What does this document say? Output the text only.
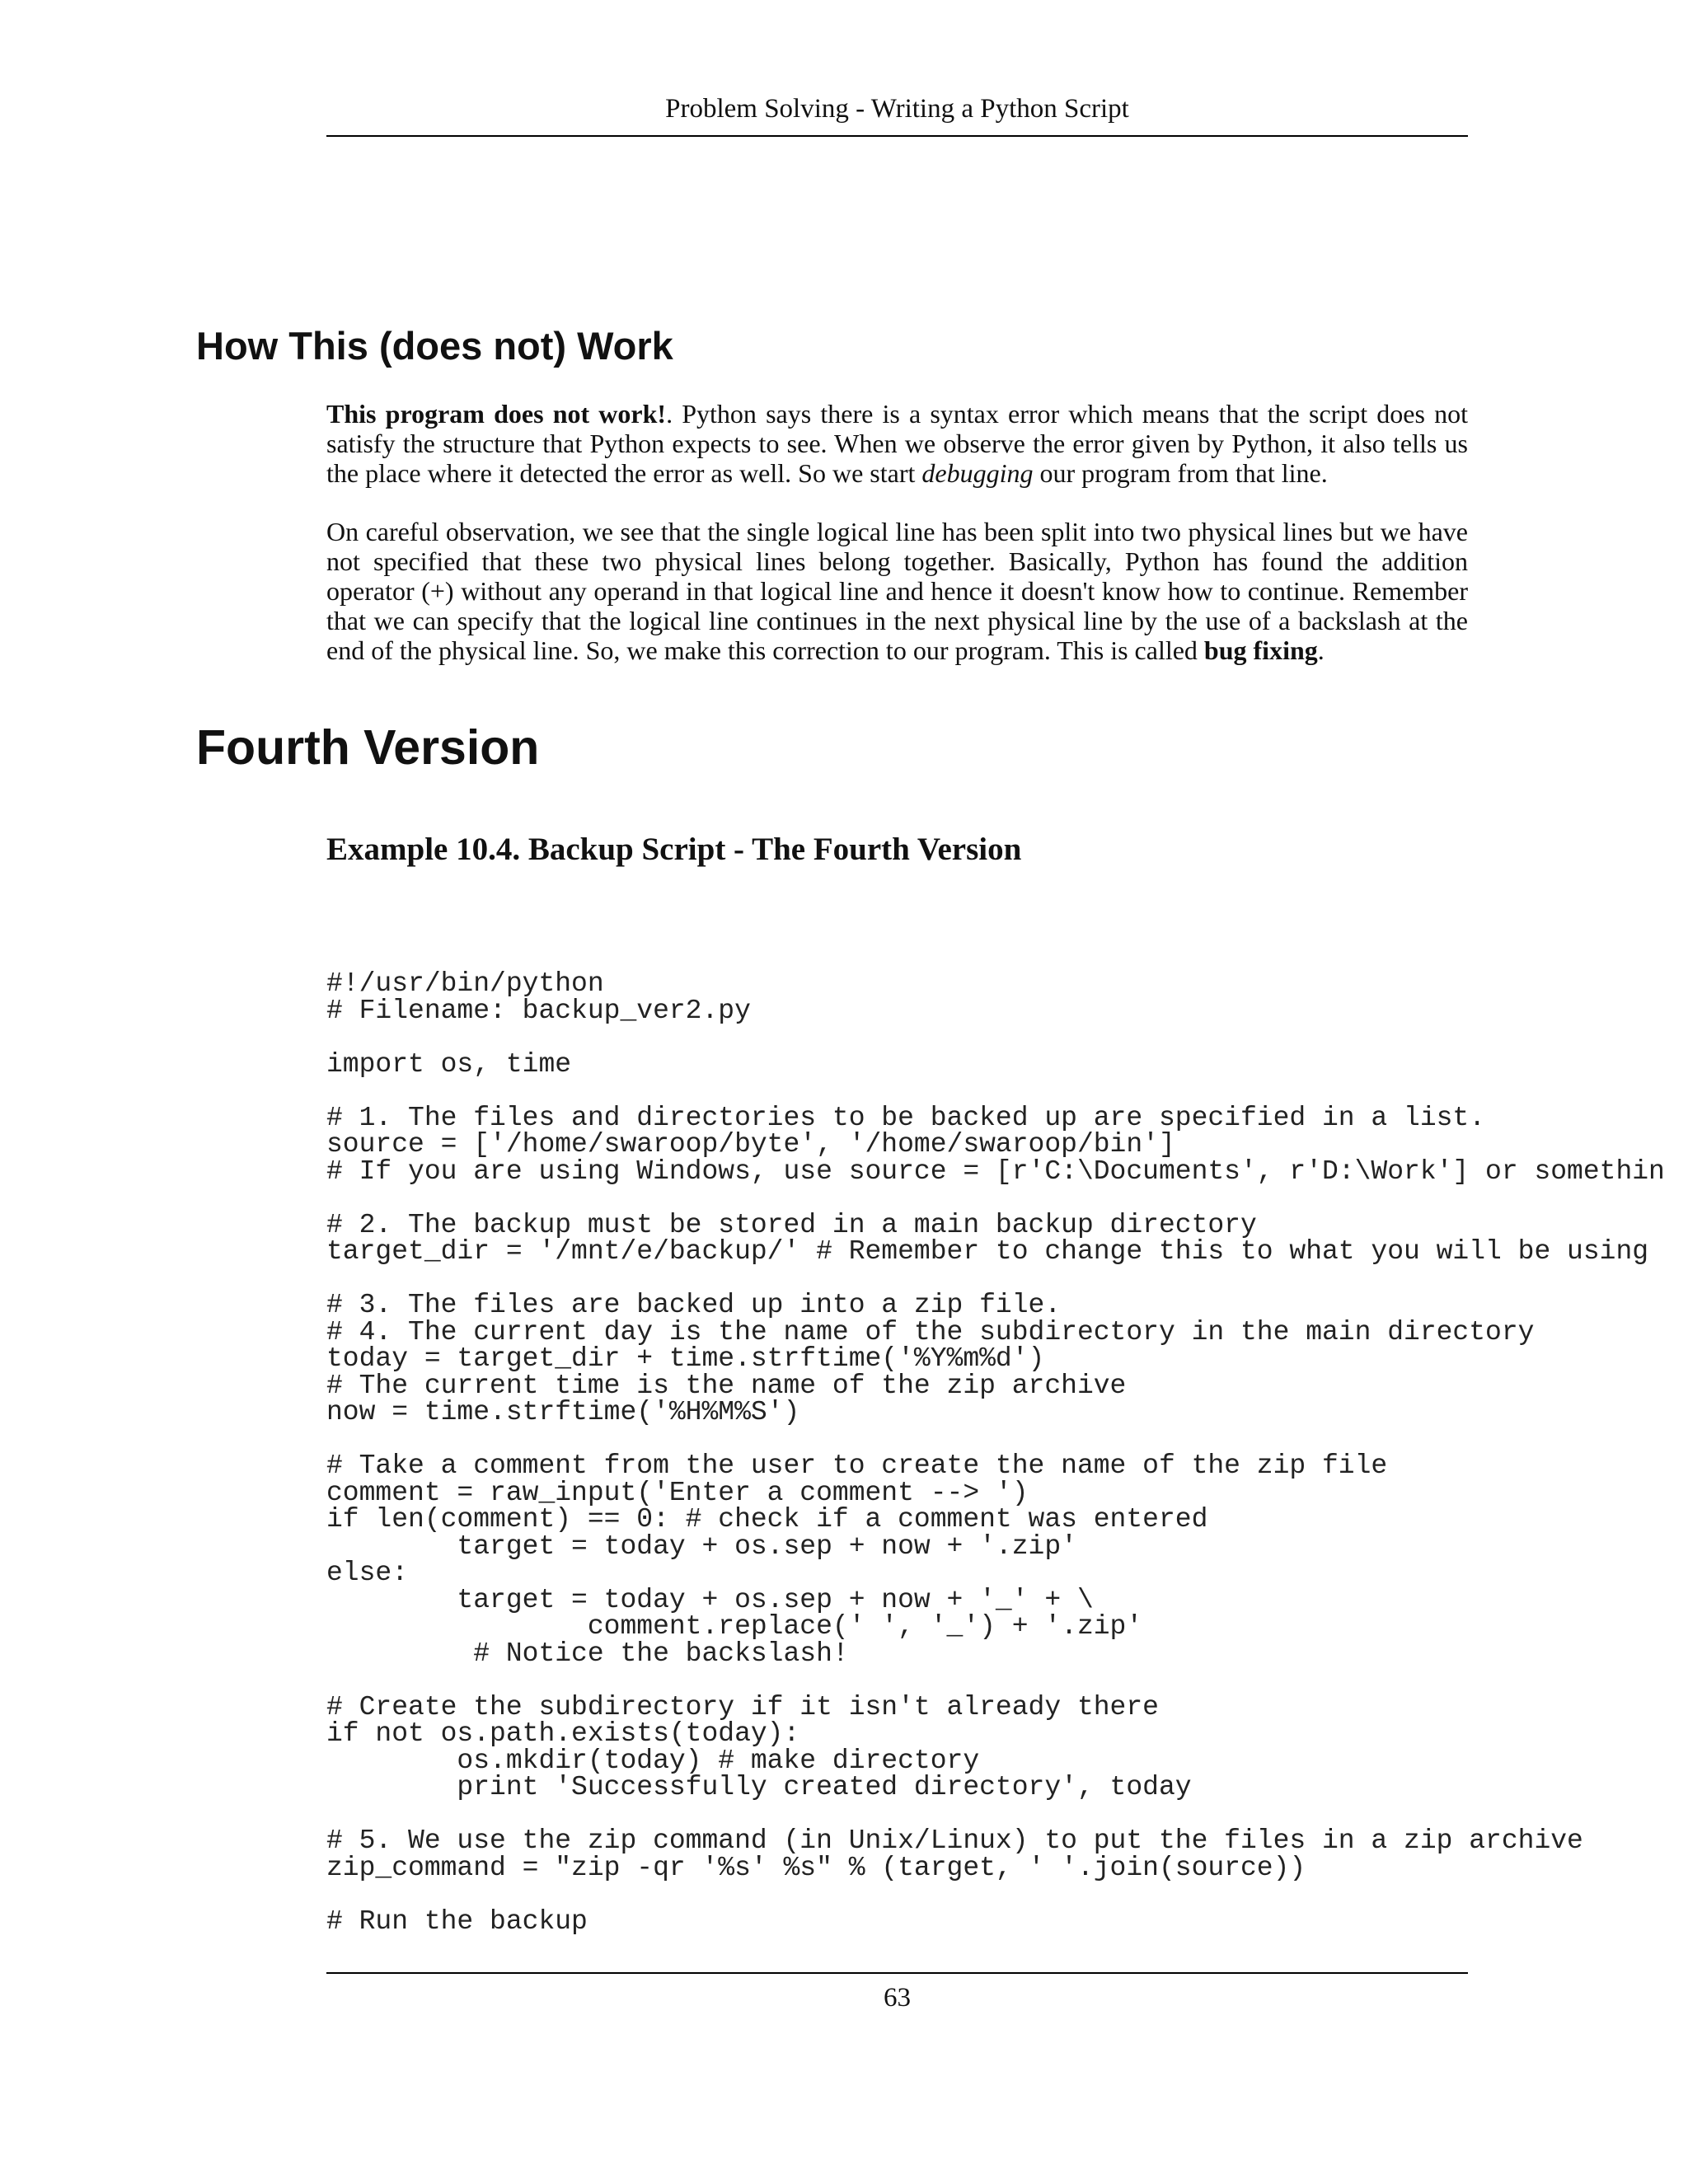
Problem Solving - Writing a Python Script
How This (does not) Work

This program does not work!. Python says there is a syntax error which means that the script does not satisfy the structure that Python expects to see. When we observe the error given by Python, it also tells us the place where it detected the error as well. So we start debugging our program from that line.

On careful observation, we see that the single logical line has been split into two physical lines but we have not specified that these two physical lines belong together. Basically, Python has found the addition operator (+) without any operand in that logical line and hence it doesn't know how to continue. Remember that we can specify that the logical line continues in the next physical line by the use of a backslash at the end of the physical line. So, we make this correction to our program. This is called bug fixing.

Fourth Version
Example 10.4. Backup Script - The Fourth Version
#!/usr/bin/python
# Filename: backup_ver2.py
import os, time
# 1. The files and directories to be backed up are specified in a list.
source = ['/home/swaroop/byte', '/home/swaroop/bin']
# If you are using Windows, use source = [r'C:\Documents', r'D:\Work'] or somethin
# 2. The backup must be stored in a main backup directory
target_dir = '/mnt/e/backup/' # Remember to change this to what you will be using
# 3. The files are backed up into a zip file.
# 4. The current day is the name of the subdirectory in the main directory
today = target_dir + time.strftime('%Y%m%d')
# The current time is the name of the zip archive
now = time.strftime('%H%M%S')
# Take a comment from the user to create the name of the zip file
comment = raw_input('Enter a comment --> ')
if len(comment) == 0: # check if a comment was entered
target = today + os.sep + now + '.zip'
else:
target = today + os.sep + now + '_' + \
comment.replace(' ', '_') + '.zip'
# Notice the backslash!
# Create the subdirectory if it isn't already there
if not os.path.exists(today):
os.mkdir(today) # make directory
print 'Successfully created directory', today
# 5. We use the zip command (in Unix/Linux) to put the files in a zip archive
zip_command = "zip -qr '%s' %s" % (target, ' '.join(source))
# Run the backup
63
